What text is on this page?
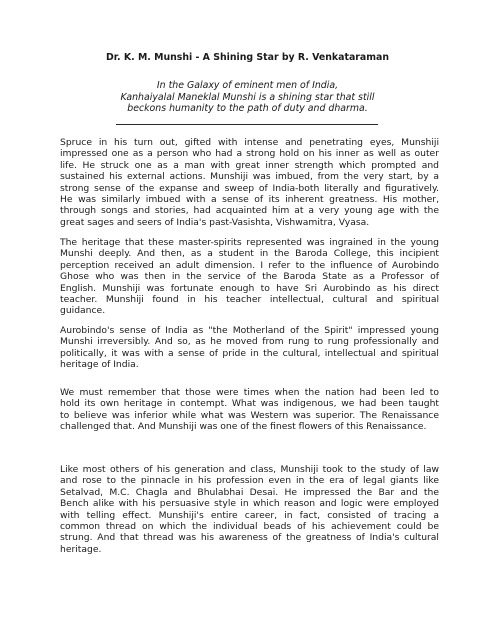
Dr. K. M. Munshi - A Shining Star by R. Venkataraman
In the Galaxy of eminent men of India,
Kanhaiyalal Maneklal Munshi is a shining star that still
beckons humanity to the path of duty and dharma.
Spruce in his turn out, gifted with intense and penetrating eyes, Munshiji
impressed one as a person who had a strong hold on his inner as well as outer
life. He struck one as a man with great inner strength which prompted and
sustained his external actions. Munshiji was imbued, from the very start, by a
strong sense of the expanse and sweep of India-both literally and figuratively.
He was similarly imbued with a sense of its inherent greatness. His mother,
through songs and stories, had acquainted him at a very young age with the
great sages and seers of India's past-Vasishta, Vishwamitra, Vyasa.
The heritage that these master-spirits represented was ingrained in the young
Munshi deeply. And then, as a student in the Baroda College, this incipient
perception received an adult dimension. I refer to the influence of Aurobindo
Ghose who was then in the service of the Baroda State as a Professor of
English. Munshiji was fortunate enough to have Sri Aurobindo as his direct
teacher. Munshiji found in his teacher intellectual, cultural and spiritual
guidance.
Aurobindo's sense of India as "the Motherland of the Spirit" impressed young
Munshi irreversibly. And so, as he moved from rung to rung professionally and
politically, it was with a sense of pride in the cultural, intellectual and spiritual
heritage of India.
We must remember that those were times when the nation had been led to
hold its own heritage in contempt. What was indigenous, we had been taught
to believe was inferior while what was Western was superior. The Renaissance
challenged that. And Munshiji was one of the finest flowers of this Renaissance.
Like most others of his generation and class, Munshiji took to the study of law
and rose to the pinnacle in his profession even in the era of legal giants like
Setalvad, M.C. Chagla and Bhulabhai Desai. He impressed the Bar and the
Bench alike with his persuasive style in which reason and logic were employed
with telling effect. Munshiji's entire career, in fact, consisted of tracing a
common thread on which the individual beads of his achievement could be
strung. And that thread was his awareness of the greatness of India's cultural
heritage.
